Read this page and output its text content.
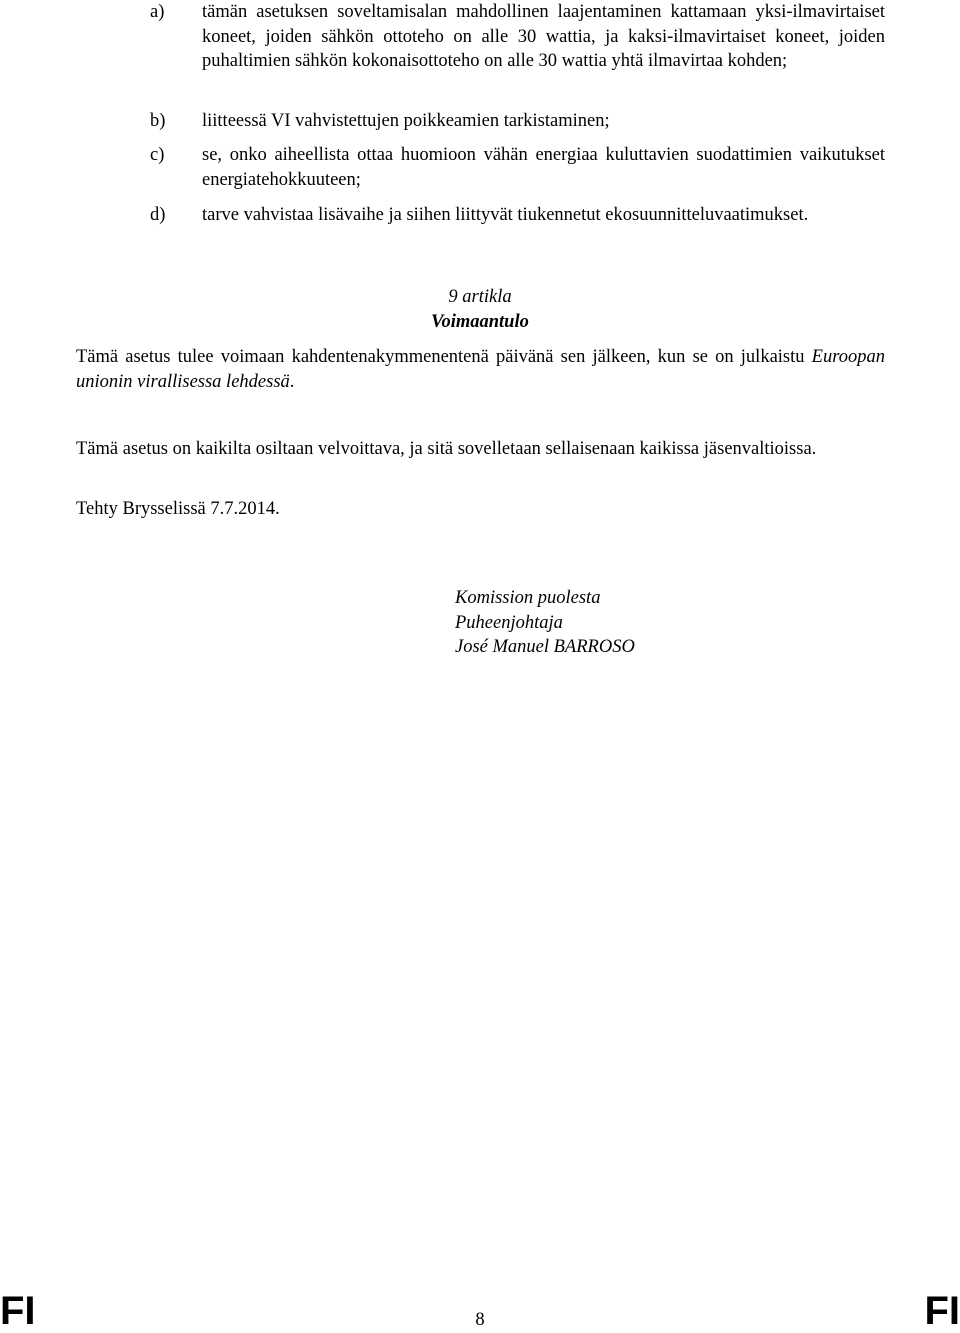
a) tämän asetuksen soveltamisalan mahdollinen laajentaminen kattamaan yksi-ilmavirtaiset koneet, joiden sähkön ottoteho on alle 30 wattia, ja kaksi-ilmavirtaiset koneet, joiden puhaltimien sähkön kokonaisottoteho on alle 30 wattia yhtä ilmavirtaa kohden;
b) liitteessä VI vahvistettujen poikkeamien tarkistaminen;
c) se, onko aiheellista ottaa huomioon vähän energiaa kuluttavien suodattimien vaikutukset energiatehokkuuteen;
d) tarve vahvistaa lisävaihe ja siihen liittyvät tiukennetut ekosuunnitteluvaatimukset.
9 artikla
Voimaantulo
Tämä asetus tulee voimaan kahdentenakymmenentenä päivänä sen jälkeen, kun se on julkaistu Euroopan unionin virallisessa lehdessä.
Tämä asetus on kaikilta osiltaan velvoittava, ja sitä sovelletaan sellaisenaan kaikissa jäsenvaltioissa.
Tehty Brysselissä 7.7.2014.
Komission puolesta
Puheenjohtaja
José Manuel BARROSO
FI	8	FI
